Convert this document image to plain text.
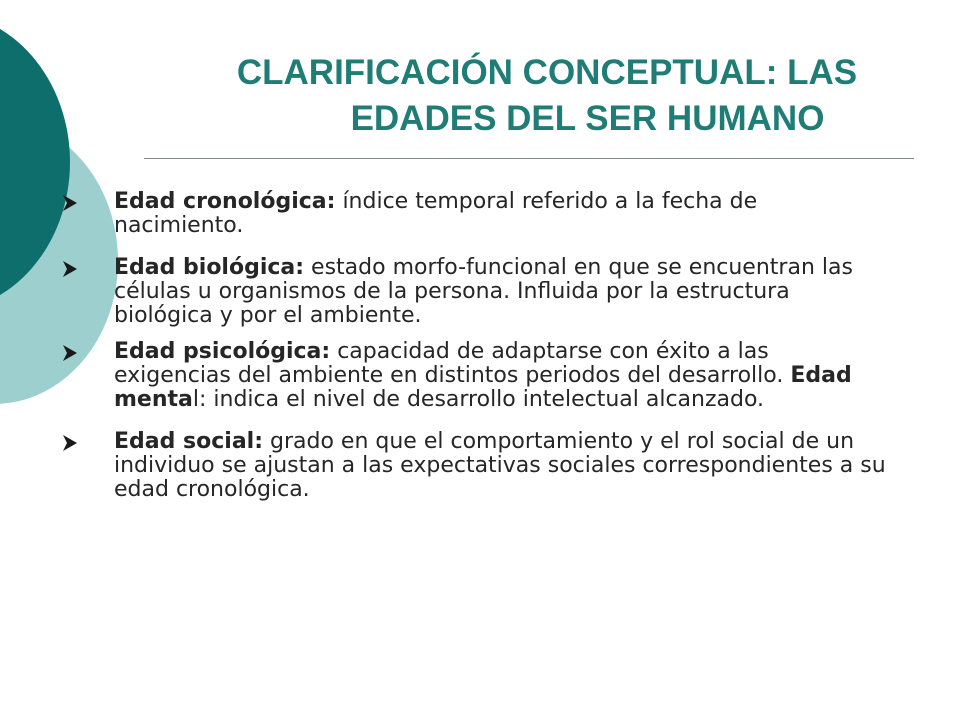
CLARIFICACIÓN CONCEPTUAL: LAS
EDADES DEL SER HUMANO
Edad cronológica: índice temporal referido a la fecha de nacimiento.
Edad biológica: estado morfo-funcional en que se encuentran las células u organismos de la persona. Influida por la estructura biológica y por el ambiente.
Edad psicológica: capacidad de adaptarse con éxito a las exigencias del ambiente en distintos periodos del desarrollo. Edad mental: indica el nivel de desarrollo intelectual alcanzado.
Edad social: grado en que el comportamiento y el rol social de un individuo se ajustan a las expectativas sociales correspondientes a su edad cronológica.
